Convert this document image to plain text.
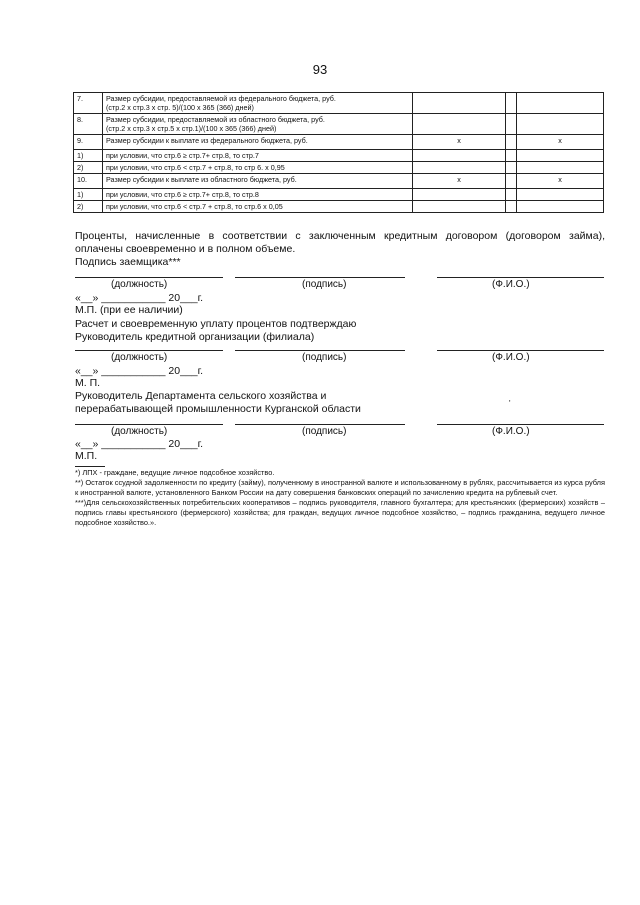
93
7.	Размер субсидии, предоставляемой из федерального бюджета, руб.
(стр.2 х стр.3 х стр. 5)/(100 х 365 (366) дней)			
8.	Размер субсидии, предоставляемой из областного бюджета, руб.
(стр.2 х стр.3 х стр.5 х стр.1)/(100 х 365 (366) дней)			
9.	Размер субсидии к выплате из федерального бюджета, руб.	х		х
1)	при условии, что стр.6 ≥ стр.7+ стр.8, то стр.7			
2)	при условии, что стр.6 < стр.7 + стр.8, то стр 6. х 0,95			
10.	Размер субсидии к выплате из областного бюджета, руб.	х		х
1)	при условии, что стр.6 ≥ стр.7+ стр.8, то стр.8			
2)	при условии, что стр.6 < стр.7 + стр.8, то стр.6 х 0,05			
Проценты, начисленные в соответствии с заключенным кредитным договором (договором займа), оплачены своевременно и в полном объеме.
Подпись заемщика***
(должность)	(подпись)	(Ф.И.О.)
«__» ___________ 20___г.
М.П. (при ее наличии)
Расчет и своевременную уплату процентов подтверждаю
Руководитель кредитной организации (филиала)
(должность)	(подпись)	(Ф.И.О.)
«__» ___________ 20___г.
М. П.
Руководитель Департамента сельского хозяйства и
перерабатывающей промышленности Курганской области	'
(должность)	(подпись)	(Ф.И.О.)
«__» ___________ 20___г.
М.П.

*) ЛПХ - граждане, ведущие личное подсобное хозяйство.

**) Остаток ссудной задолженности по кредиту (займу), полученному в иностранной валюте и использованному в рублях, рассчитывается из курса рубля к иностранной валюте, установленного Банком России на дату совершения банковских операций по зачислению кредита на рублевый счет.

***)Для сельскохозяйственных потребительских кооперативов – подпись руководителя, главного бухгалтера; для крестьянских (фермерских) хозяйств – подпись главы крестьянского (фермерского) хозяйства; для граждан, ведущих личное подсобное хозяйство, – подпись гражданина, ведущего личное подсобное хозяйство.».
